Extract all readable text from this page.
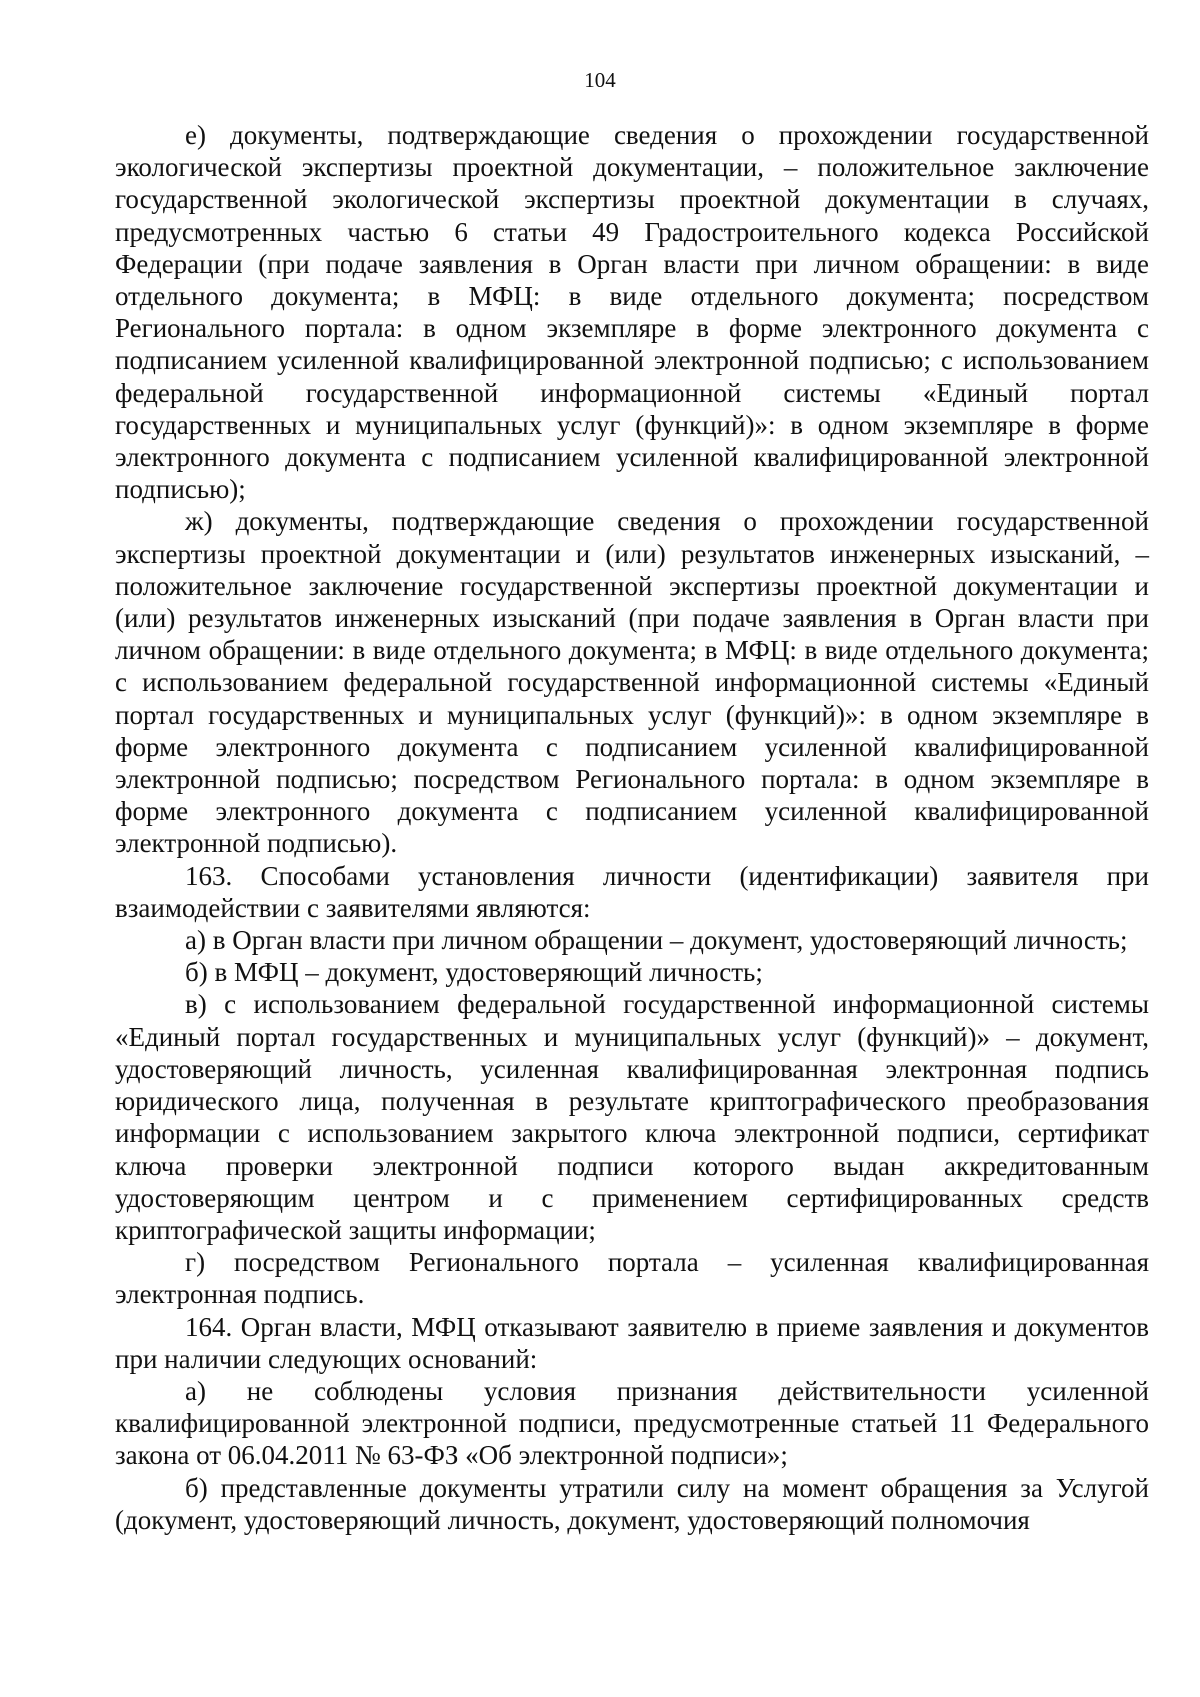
104

е) документы, подтверждающие сведения о прохождении государственной экологической экспертизы проектной документации, – положительное заключение государственной экологической экспертизы проектной документации в случаях, предусмотренных частью 6 статьи 49 Градостроительного кодекса Российской Федерации (при подаче заявления в Орган власти при личном обращении: в виде отдельного документа; в МФЦ: в виде отдельного документа; посредством Регионального портала: в одном экземпляре в форме электронного документа с подписанием усиленной квалифицированной электронной подписью; с использованием федеральной государственной информационной системы «Единый портал государственных и муниципальных услуг (функций)»: в одном экземпляре в форме электронного документа с подписанием усиленной квалифицированной электронной подписью);

ж) документы, подтверждающие сведения о прохождении государственной экспертизы проектной документации и (или) результатов инженерных изысканий, – положительное заключение государственной экспертизы проектной документации и (или) результатов инженерных изысканий (при подаче заявления в Орган власти при личном обращении: в виде отдельного документа; в МФЦ: в виде отдельного документа; с использованием федеральной государственной информационной системы «Единый портал государственных и муниципальных услуг (функций)»: в одном экземпляре в форме электронного документа с подписанием усиленной квалифицированной электронной подписью; посредством Регионального портала: в одном экземпляре в форме электронного документа с подписанием усиленной квалифицированной электронной подписью).

163. Способами установления личности (идентификации) заявителя при взаимодействии с заявителями являются:

а) в Орган власти при личном обращении – документ, удостоверяющий личность;

б) в МФЦ – документ, удостоверяющий личность;

в) с использованием федеральной государственной информационной системы «Единый портал государственных и муниципальных услуг (функций)» – документ, удостоверяющий личность, усиленная квалифицированная электронная подпись юридического лица, полученная в результате криптографического преобразования информации с использованием закрытого ключа электронной подписи, сертификат ключа проверки электронной подписи которого выдан аккредитованным удостоверяющим центром и с применением сертифицированных средств криптографической защиты информации;

г) посредством Регионального портала – усиленная квалифицированная электронная подпись.

164. Орган власти, МФЦ отказывают заявителю в приеме заявления и документов при наличии следующих оснований:

а) не соблюдены условия признания действительности усиленной квалифицированной электронной подписи, предусмотренные статьей 11 Федерального закона от 06.04.2011 № 63-ФЗ «Об электронной подписи»;

б) представленные документы утратили силу на момент обращения за Услугой (документ, удостоверяющий личность, документ, удостоверяющий полномочия
